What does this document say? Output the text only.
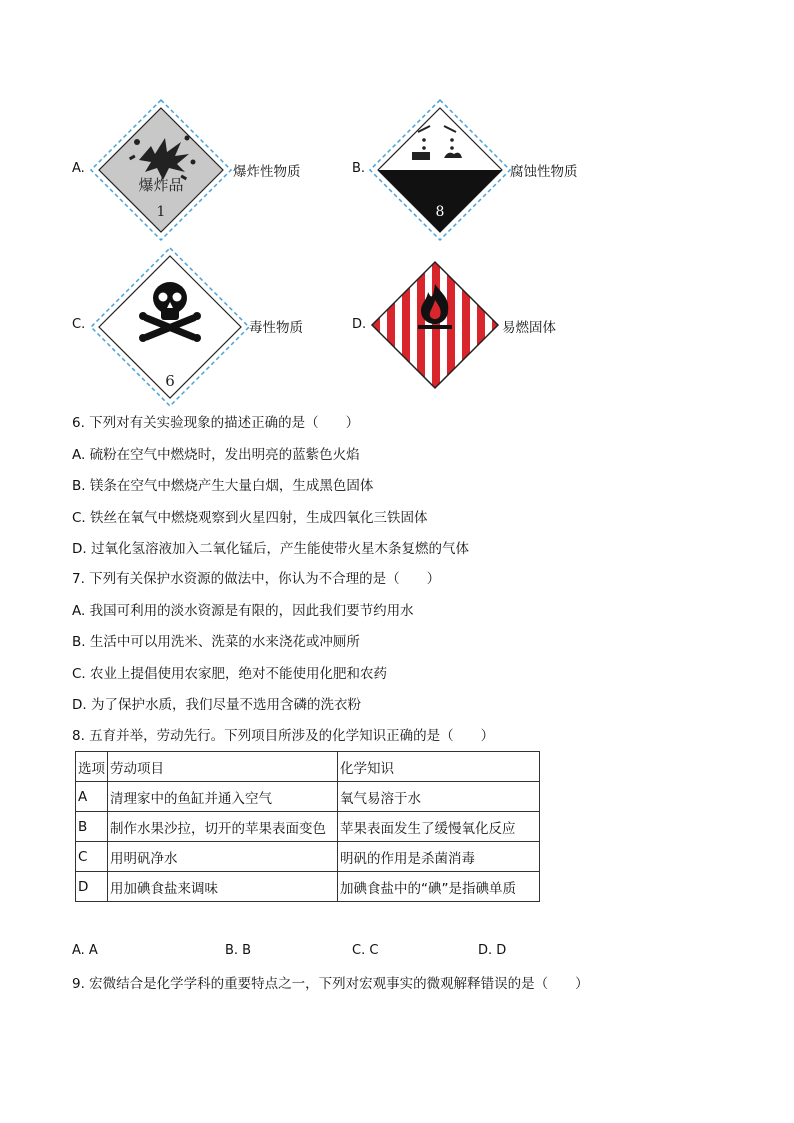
A.
爆炸品
1
爆炸性物质	B.
8
腐蚀性物质
C.
6
毒性物质	D.	易燃固体
6. 下列对有关实验现象的描述正确的是（　　）
A. 硫粉在空气中燃烧时，发出明亮的蓝紫色火焰
B. 镁条在空气中燃烧产生大量白烟，生成黑色固体
C. 铁丝在氧气中燃烧观察到火星四射，生成四氧化三铁固体
D. 过氧化氢溶液加入二氧化锰后，产生能使带火星木条复燃的气体
7. 下列有关保护水资源的做法中，你认为不合理的是（　　）
A. 我国可利用的淡水资源是有限的，因此我们要节约用水
B. 生活中可以用洗米、洗菜的水来浇花或冲厕所
C. 农业上提倡使用农家肥，绝对不能使用化肥和农药
D. 为了保护水质，我们尽量不选用含磷的洗衣粉
8. 五育并举，劳动先行。下列项目所涉及的化学知识正确的是（　　）
选项	劳动项目	化学知识
A	清理家中的鱼缸并通入空气	氧气易溶于水
B	制作水果沙拉，切开的苹果表面变色	苹果表面发生了缓慢氧化反应
C	用明矾净水	明矾的作用是杀菌消毒
D	用加碘食盐来调味	加碘食盐中的“碘”是指碘单质
A. A	B. B	C. C	D. D
9. 宏微结合是化学学科的重要特点之一，下列对宏观事实的微观解释错误的是（　　）
